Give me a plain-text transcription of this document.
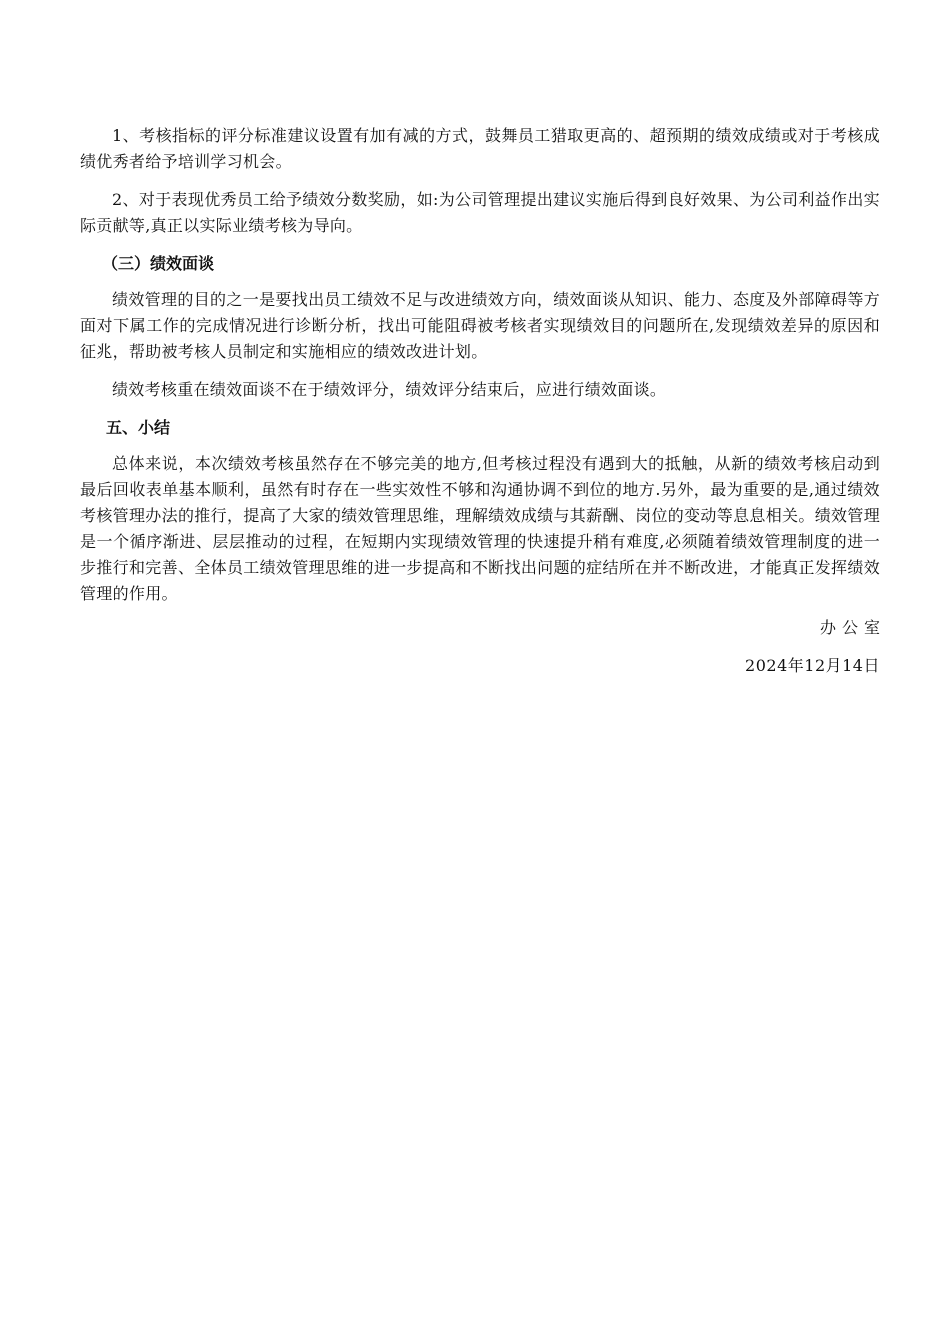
1、考核指标的评分标准建议设置有加有减的方式，鼓舞员工猎取更高的、超预期的绩效成绩或对于考核成绩优秀者给予培训学习机会。

2、对于表现优秀员工给予绩效分数奖励，如:为公司管理提出建议实施后得到良好效果、为公司利益作出实际贡献等,真正以实际业绩考核为导向。

（三）绩效面谈

绩效管理的目的之一是要找出员工绩效不足与改进绩效方向，绩效面谈从知识、能力、态度及外部障碍等方面对下属工作的完成情况进行诊断分析，找出可能阻碍被考核者实现绩效目的问题所在,发现绩效差异的原因和征兆，帮助被考核人员制定和实施相应的绩效改进计划。

绩效考核重在绩效面谈不在于绩效评分，绩效评分结束后，应进行绩效面谈。

五、小结

总体来说，本次绩效考核虽然存在不够完美的地方,但考核过程没有遇到大的抵触，从新的绩效考核启动到最后回收表单基本顺利，虽然有时存在一些实效性不够和沟通协调不到位的地方.另外，最为重要的是,通过绩效考核管理办法的推行，提高了大家的绩效管理思维，理解绩效成绩与其薪酬、岗位的变动等息息相关。绩效管理是一个循序渐进、层层推动的过程，在短期内实现绩效管理的快速提升稍有难度,必须随着绩效管理制度的进一步推行和完善、全体员工绩效管理思维的进一步提高和不断找出问题的症结所在并不断改进，才能真正发挥绩效管理的作用。

办公室

2024年12月14日
